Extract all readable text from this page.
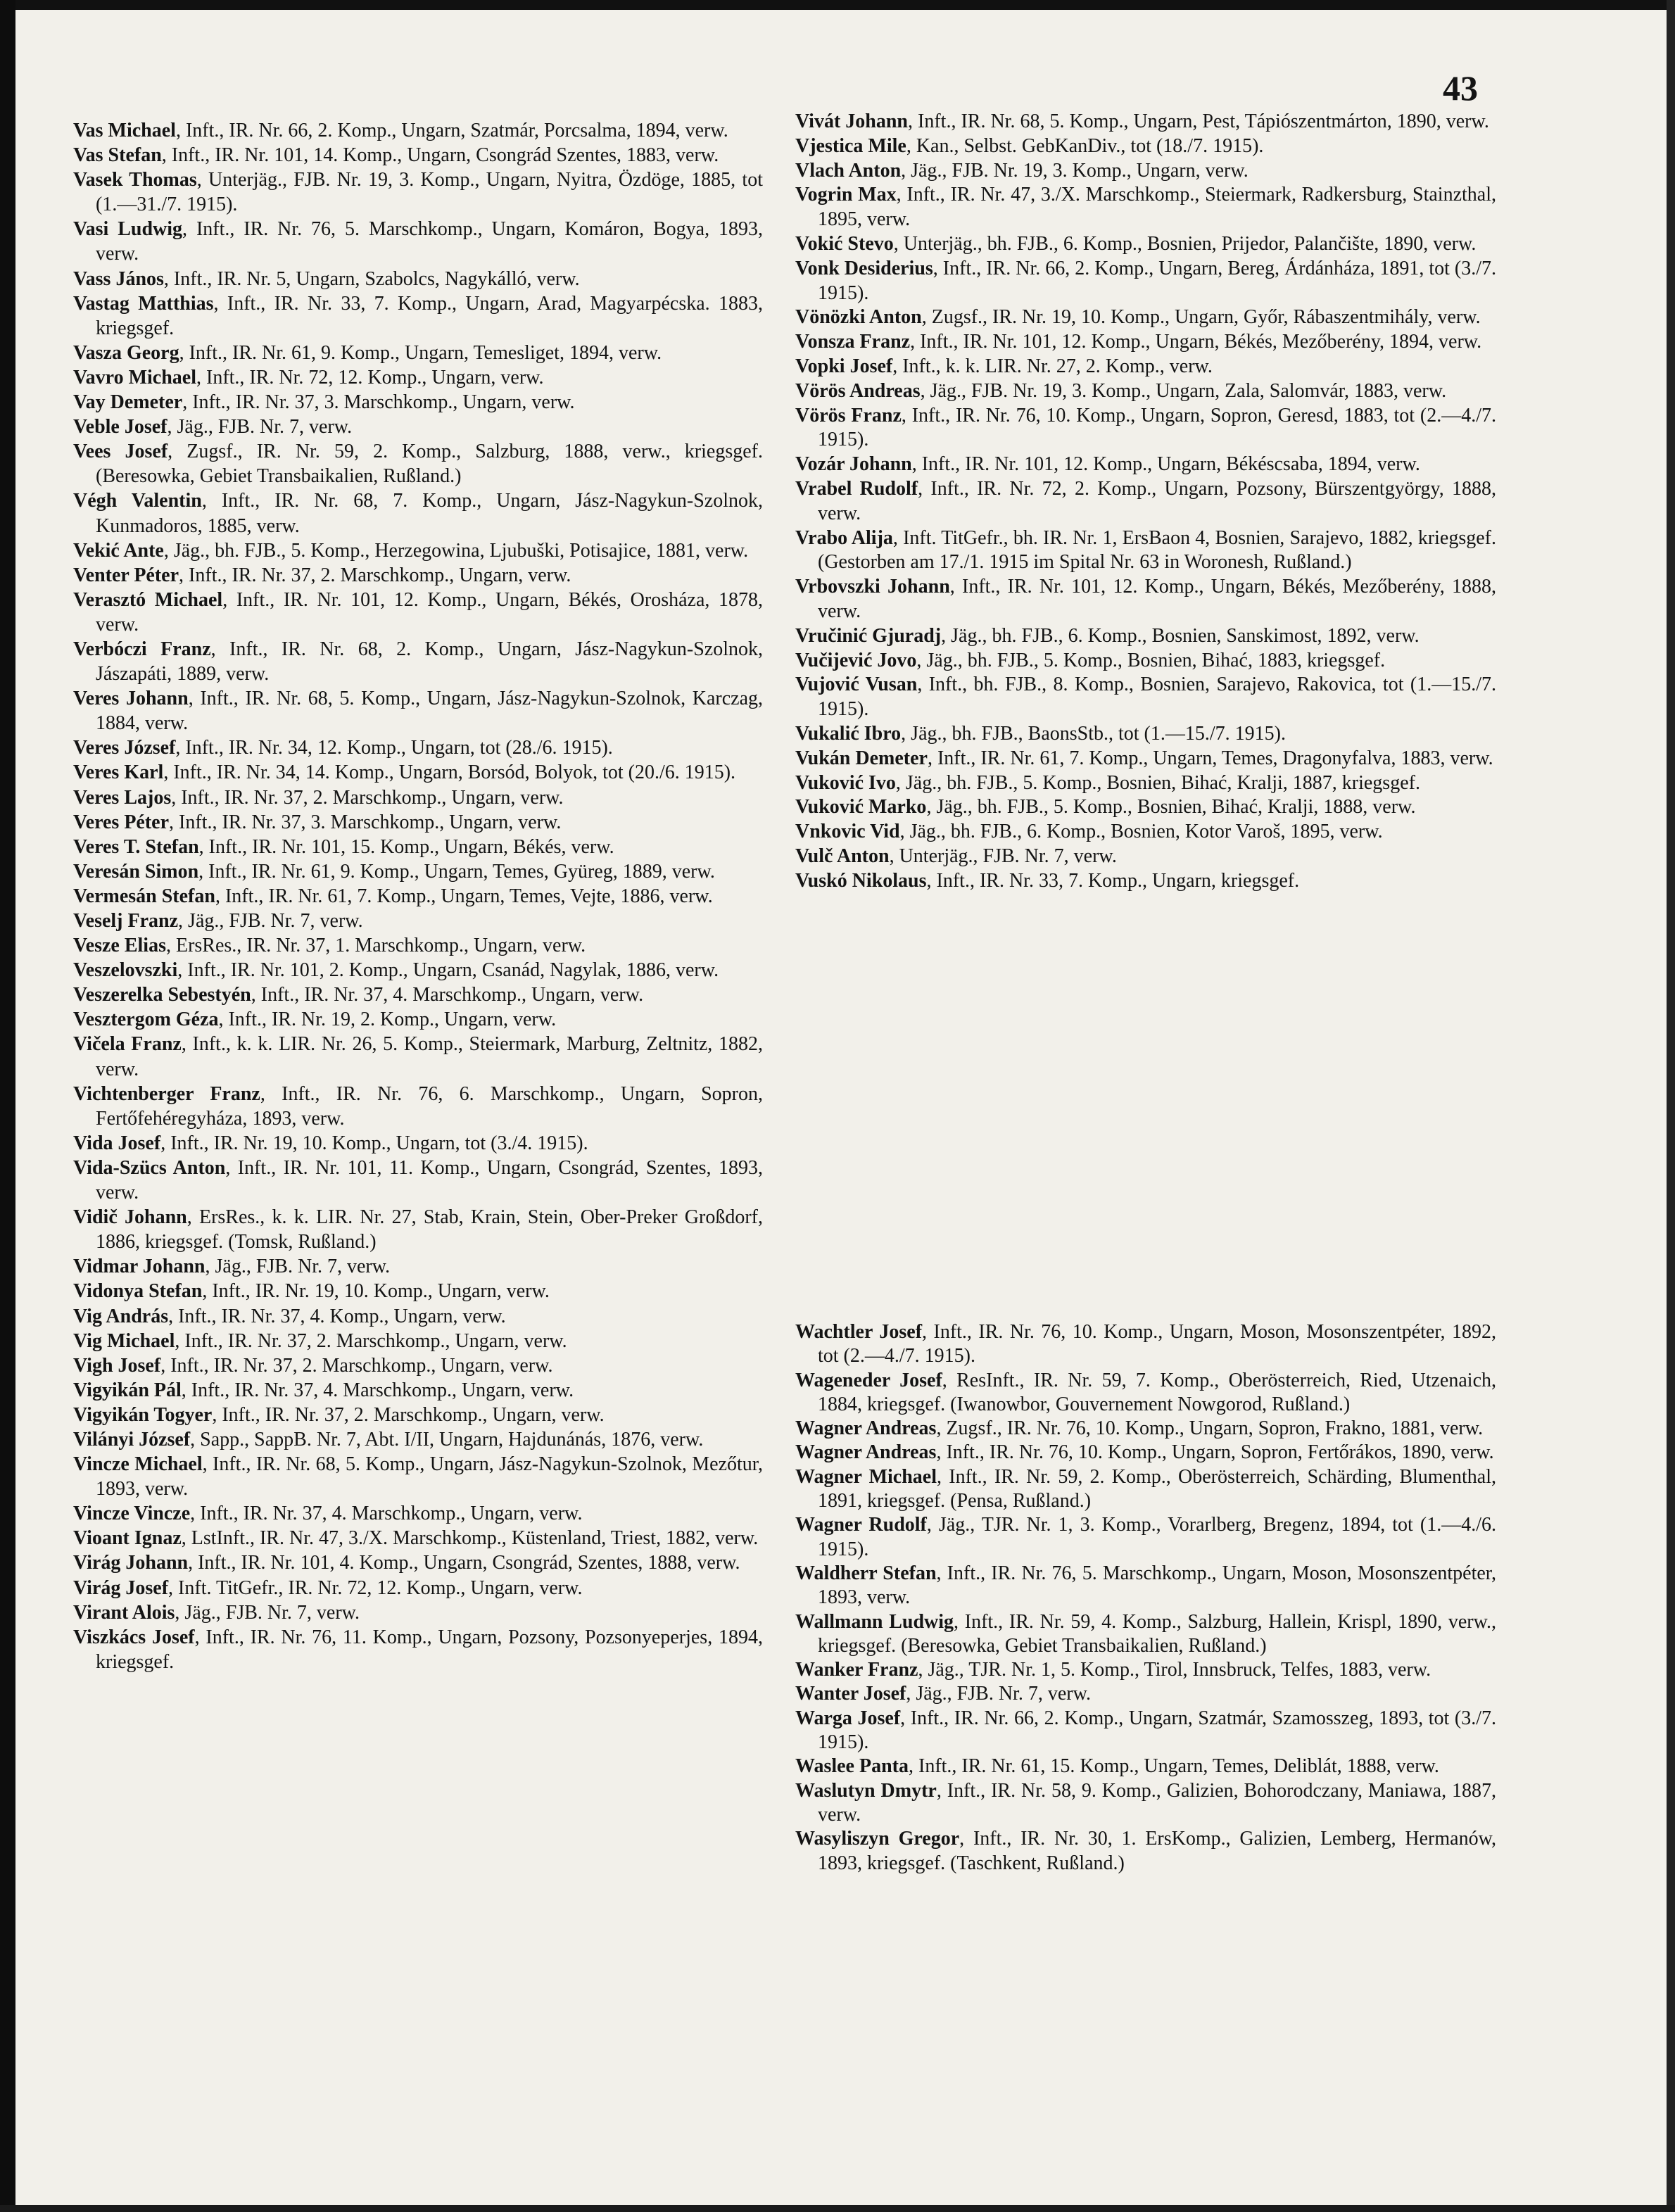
43
Vas Michael, Inft., IR. Nr. 66, 2. Komp., Ungarn, Szatmár, Porcsalma, 1894, verw.
Vas Stefan, Inft., IR. Nr. 101, 14. Komp., Ungarn, Csongrád Szentes, 1883, verw.
Vasek Thomas, Unterjäg., FJB. Nr. 19, 3. Komp., Ungarn, Nyitra, Özdöge, 1885, tot (1.—31./7. 1915).
Vasi Ludwig, Inft., IR. Nr. 76, 5. Marschkomp., Ungarn, Komáron, Bogya, 1893, verw.
Vass János, Inft., IR. Nr. 5, Ungarn, Szabolcs, Nagykálló, verw.
Vastag Matthias, Inft., IR. Nr. 33, 7. Komp., Ungarn, Arad, Magyarpécska. 1883, kriegsgef.
Vasza Georg, Inft., IR. Nr. 61, 9. Komp., Ungarn, Temesliget, 1894, verw.
Vavro Michael, Inft., IR. Nr. 72, 12. Komp., Ungarn, verw.
Vay Demeter, Inft., IR. Nr. 37, 3. Marschkomp., Ungarn, verw.
Veble Josef, Jäg., FJB. Nr. 7, verw.
Vees Josef, Zugsf., IR. Nr. 59, 2. Komp., Salzburg, 1888, verw., kriegsgef. (Beresowka, Gebiet Transbaikalien, Rußland.)
Végh Valentin, Inft., IR. Nr. 68, 7. Komp., Ungarn, Jász-Nagykun-Szolnok, Kunmadoros, 1885, verw.
Vekić Ante, Jäg., bh. FJB., 5. Komp., Herzegowina, Ljubuški, Potisajice, 1881, verw.
Venter Péter, Inft., IR. Nr. 37, 2. Marschkomp., Ungarn, verw.
Verasztó Michael, Inft., IR. Nr. 101, 12. Komp., Ungarn, Békés, Orosháza, 1878, verw.
Verbóczi Franz, Inft., IR. Nr. 68, 2. Komp., Ungarn, Jász-Nagykun-Szolnok, Jászapáti, 1889, verw.
Veres Johann, Inft., IR. Nr. 68, 5. Komp., Ungarn, Jász-Nagykun-Szolnok, Karczag, 1884, verw.
Veres József, Inft., IR. Nr. 34, 12. Komp., Ungarn, tot (28./6. 1915).
Veres Karl, Inft., IR. Nr. 34, 14. Komp., Ungarn, Borsód, Bolyok, tot (20./6. 1915).
Veres Lajos, Inft., IR. Nr. 37, 2. Marschkomp., Ungarn, verw.
Veres Péter, Inft., IR. Nr. 37, 3. Marschkomp., Ungarn, verw.
Veres T. Stefan, Inft., IR. Nr. 101, 15. Komp., Ungarn, Békés, verw.
Veresán Simon, Inft., IR. Nr. 61, 9. Komp., Ungarn, Temes, Gyüreg, 1889, verw.
Vermesán Stefan, Inft., IR. Nr. 61, 7. Komp., Ungarn, Temes, Vejte, 1886, verw.
Veselj Franz, Jäg., FJB. Nr. 7, verw.
Vesze Elias, ErsRes., IR. Nr. 37, 1. Marschkomp., Ungarn, verw.
Veszelovszki, Inft., IR. Nr. 101, 2. Komp., Ungarn, Csanád, Nagylak, 1886, verw.
Veszerelka Sebestyén, Inft., IR. Nr. 37, 4. Marschkomp., Ungarn, verw.
Vesztergom Géza, Inft., IR. Nr. 19, 2. Komp., Ungarn, verw.
Vičela Franz, Inft., k. k. LIR. Nr. 26, 5. Komp., Steiermark, Marburg, Zeltnitz, 1882, verw.
Vichtenberger Franz, Inft., IR. Nr. 76, 6. Marschkomp., Ungarn, Sopron, Fertőfehéregyháza, 1893, verw.
Vida Josef, Inft., IR. Nr. 19, 10. Komp., Ungarn, tot (3./4. 1915).
Vida-Szücs Anton, Inft., IR. Nr. 101, 11. Komp., Ungarn, Csongrád, Szentes, 1893, verw.
Vidič Johann, ErsRes., k. k. LIR. Nr. 27, Stab, Krain, Stein, Ober-Preker Großdorf, 1886, kriegsgef. (Tomsk, Rußland.)
Vidmar Johann, Jäg., FJB. Nr. 7, verw.
Vidonya Stefan, Inft., IR. Nr. 19, 10. Komp., Ungarn, verw.
Vig András, Inft., IR. Nr. 37, 4. Komp., Ungarn, verw.
Vig Michael, Inft., IR. Nr. 37, 2. Marschkomp., Ungarn, verw.
Vigh Josef, Inft., IR. Nr. 37, 2. Marschkomp., Ungarn, verw.
Vigyikán Pál, Inft., IR. Nr. 37, 4. Marschkomp., Ungarn, verw.
Vigyikán Togyer, Inft., IR. Nr. 37, 2. Marschkomp., Ungarn, verw.
Vilányi József, Sapp., SappB. Nr. 7, Abt. I/II, Ungarn, Hajdunánás, 1876, verw.
Vincze Michael, Inft., IR. Nr. 68, 5. Komp., Ungarn, Jász-Nagykun-Szolnok, Mezőtur, 1893, verw.
Vincze Vincze, Inft., IR. Nr. 37, 4. Marschkomp., Ungarn, verw.
Vioant Ignaz, LstInft., IR. Nr. 47, 3./X. Marschkomp., Küstenland, Triest, 1882, verw.
Virág Johann, Inft., IR. Nr. 101, 4. Komp., Ungarn, Csongrád, Szentes, 1888, verw.
Virág Josef, Inft. TitGefr., IR. Nr. 72, 12. Komp., Ungarn, verw.
Virant Alois, Jäg., FJB. Nr. 7, verw.
Viszkács Josef, Inft., IR. Nr. 76, 11. Komp., Ungarn, Pozsony, Pozsonyeperjes, 1894, kriegsgef.
Vivát Johann, Inft., IR. Nr. 68, 5. Komp., Ungarn, Pest, Tápiószentmárton, 1890, verw.
Vjestica Mile, Kan., Selbst. GebKanDiv., tot (18./7. 1915).
Vlach Anton, Jäg., FJB. Nr. 19, 3. Komp., Ungarn, verw.
Vogrin Max, Inft., IR. Nr. 47, 3./X. Marschkomp., Steiermark, Radkersburg, Stainzthal, 1895, verw.
Vokić Stevo, Unterjäg., bh. FJB., 6. Komp., Bosnien, Prijedor, Palančište, 1890, verw.
Vonk Desiderius, Inft., IR. Nr. 66, 2. Komp., Ungarn, Bereg, Árdánháza, 1891, tot (3./7. 1915).
Vönözki Anton, Zugsf., IR. Nr. 19, 10. Komp., Ungarn, Győr, Rábaszentmihály, verw.
Vonsza Franz, Inft., IR. Nr. 101, 12. Komp., Ungarn, Békés, Mezőberény, 1894, verw.
Vopki Josef, Inft., k. k. LIR. Nr. 27, 2. Komp., verw.
Vörös Andreas, Jäg., FJB. Nr. 19, 3. Komp., Ungarn, Zala, Salomvár, 1883, verw.
Vörös Franz, Inft., IR. Nr. 76, 10. Komp., Ungarn, Sopron, Geresd, 1883, tot (2.—4./7. 1915).
Vozár Johann, Inft., IR. Nr. 101, 12. Komp., Ungarn, Békéscsaba, 1894, verw.
Vrabel Rudolf, Inft., IR. Nr. 72, 2. Komp., Ungarn, Pozsony, Bürszentgyörgy, 1888, verw.
Vrabo Alija, Inft. TitGefr., bh. IR. Nr. 1, ErsBaon 4, Bosnien, Sarajevo, 1882, kriegsgef. (Gestorben am 17./1. 1915 im Spital Nr. 63 in Woronesh, Rußland.)
Vrbovszki Johann, Inft., IR. Nr. 101, 12. Komp., Ungarn, Békés, Mezőberény, 1888, verw.
Vručinić Gjuradj, Jäg., bh. FJB., 6. Komp., Bosnien, Sanskimost, 1892, verw.
Vučijević Jovo, Jäg., bh. FJB., 5. Komp., Bosnien, Bihać, 1883, kriegsgef.
Vujović Vusan, Inft., bh. FJB., 8. Komp., Bosnien, Sarajevo, Rakovica, tot (1.—15./7. 1915).
Vukalić Ibro, Jäg., bh. FJB., BaonsStb., tot (1.—15./7. 1915).
Vukán Demeter, Inft., IR. Nr. 61, 7. Komp., Ungarn, Temes, Dragonyfalva, 1883, verw.
Vuković Ivo, Jäg., bh. FJB., 5. Komp., Bosnien, Bihać, Kralji, 1887, kriegsgef.
Vuković Marko, Jäg., bh. FJB., 5. Komp., Bosnien, Bihać, Kralji, 1888, verw.
Vnkovic Vid, Jäg., bh. FJB., 6. Komp., Bosnien, Kotor Varoš, 1895, verw.
Vulč Anton, Unterjäg., FJB. Nr. 7, verw.
Vuskó Nikolaus, Inft., IR. Nr. 33, 7. Komp., Ungarn, kriegsgef.
Wachtler Josef, Inft., IR. Nr. 76, 10. Komp., Ungarn, Moson, Mosonszentpéter, 1892, tot (2.—4./7. 1915).
Wageneder Josef, ResInft., IR. Nr. 59, 7. Komp., Oberösterreich, Ried, Utzenaich, 1884, kriegsgef. (Iwanowbor, Gouvernement Nowgorod, Rußland.)
Wagner Andreas, Zugsf., IR. Nr. 76, 10. Komp., Ungarn, Sopron, Frakno, 1881, verw.
Wagner Andreas, Inft., IR. Nr. 76, 10. Komp., Ungarn, Sopron, Fertőrákos, 1890, verw.
Wagner Michael, Inft., IR. Nr. 59, 2. Komp., Oberösterreich, Schärding, Blumenthal, 1891, kriegsgef. (Pensa, Rußland.)
Wagner Rudolf, Jäg., TJR. Nr. 1, 3. Komp., Vorarlberg, Bregenz, 1894, tot (1.—4./6. 1915).
Waldherr Stefan, Inft., IR. Nr. 76, 5. Marschkomp., Ungarn, Moson, Mosonszentpéter, 1893, verw.
Wallmann Ludwig, Inft., IR. Nr. 59, 4. Komp., Salzburg, Hallein, Krispl, 1890, verw., kriegsgef. (Beresowka, Gebiet Transbaikalien, Rußland.)
Wanker Franz, Jäg., TJR. Nr. 1, 5. Komp., Tirol, Innsbruck, Telfes, 1883, verw.
Wanter Josef, Jäg., FJB. Nr. 7, verw.
Warga Josef, Inft., IR. Nr. 66, 2. Komp., Ungarn, Szatmár, Szamosszeg, 1893, tot (3./7. 1915).
Waslee Panta, Inft., IR. Nr. 61, 15. Komp., Ungarn, Temes, Deliblát, 1888, verw.
Waslutyn Dmytr, Inft., IR. Nr. 58, 9. Komp., Galizien, Bohorodczany, Maniawa, 1887, verw.
Wasyliszyn Gregor, Inft., IR. Nr. 30, 1. ErsKomp., Galizien, Lemberg, Hermanów, 1893, kriegsgef. (Taschkent, Rußland.)
